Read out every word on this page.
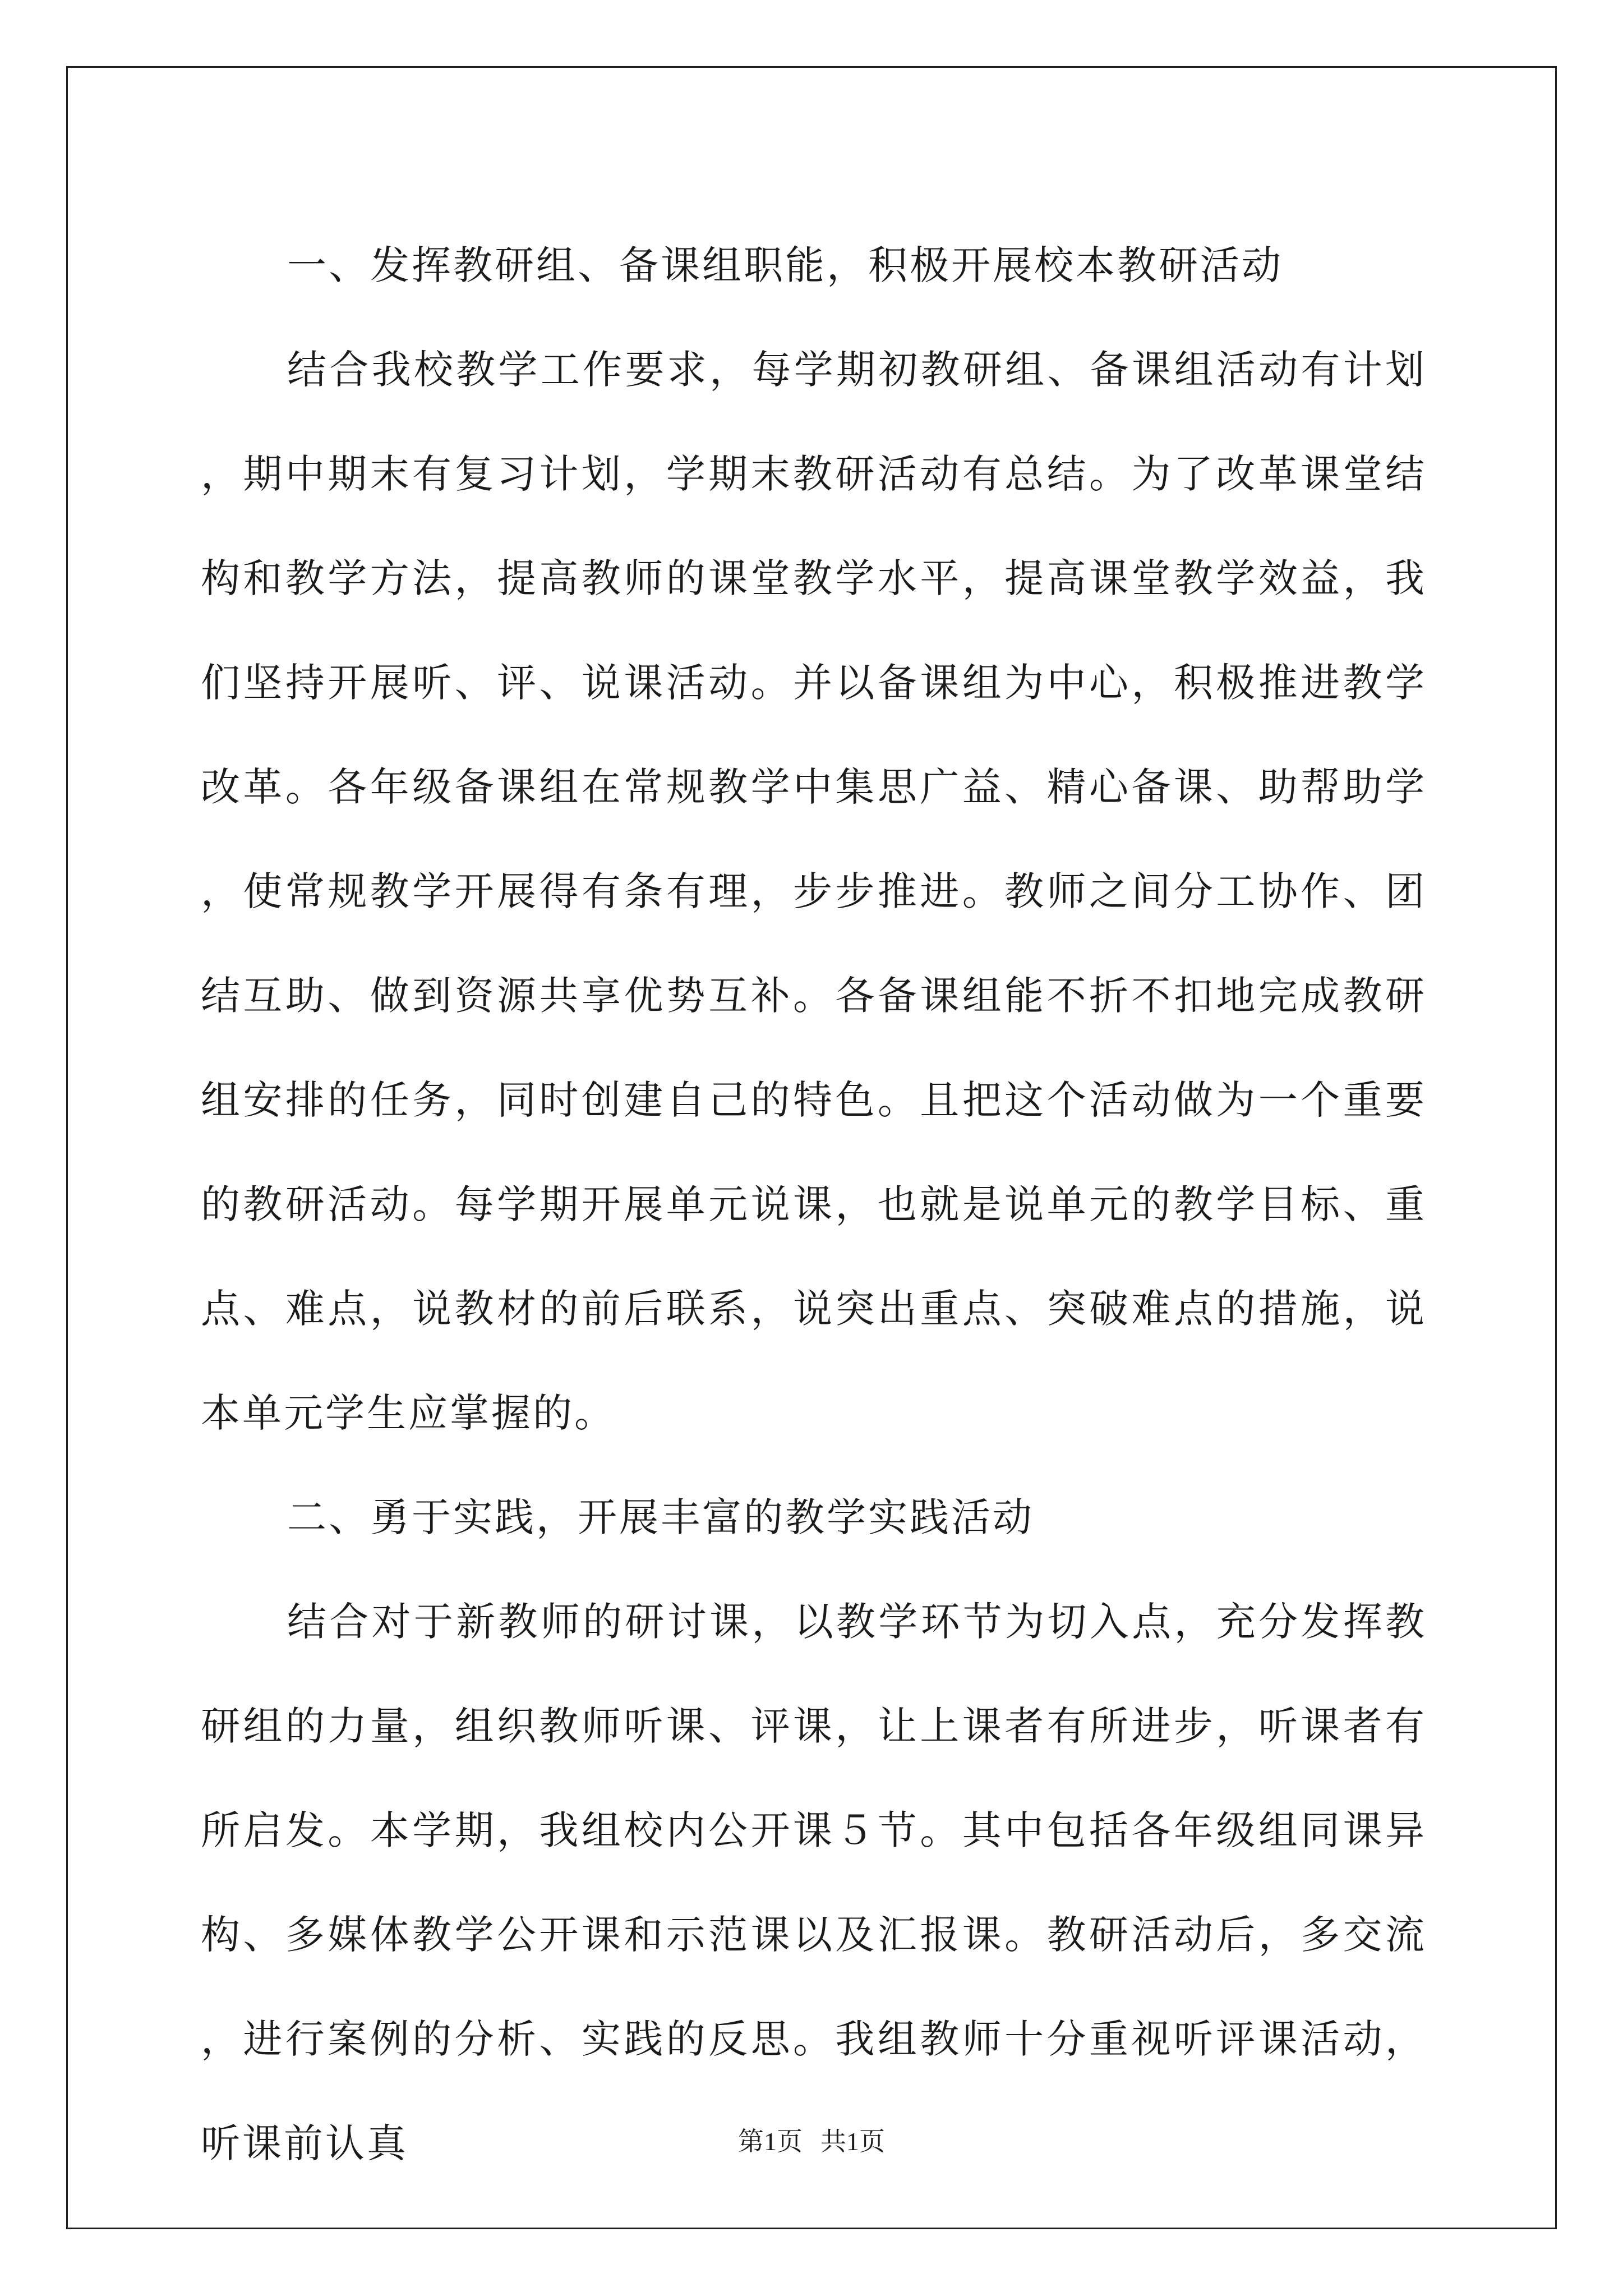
一、发挥教研组、备课组职能，积极开展校本教研活动

结合我校教学工作要求，每学期初教研组、备课组活动有计划，期中期末有复习计划，学期末教研活动有总结。为了改革课堂结构和教学方法，提高教师的课堂教学水平，提高课堂教学效益，我们坚持开展听、评、说课活动。并以备课组为中心，积极推进教学改革。各年级备课组在常规教学中集思广益、精心备课、助帮助学，使常规教学开展得有条有理，步步推进。教师之间分工协作、团结互助、做到资源共享优势互补。各备课组能不折不扣地完成教研组安排的任务，同时创建自己的特色。且把这个活动做为一个重要的教研活动。每学期开展单元说课，也就是说单元的教学目标、重点、难点，说教材的前后联系，说突出重点、突破难点的措施，说本单元学生应掌握的。

二、勇于实践，开展丰富的教学实践活动

结合对于新教师的研讨课，以教学环节为切入点，充分发挥教研组的力量，组织教师听课、评课，让上课者有所进步，听课者有所启发。本学期，我组校内公开课５节。其中包括各年级组同课异构、多媒体教学公开课和示范课以及汇报课。教研活动后，多交流，进行案例的分析、实践的反思。我组教师十分重视听评课活动，听课前认真	第1页 共1页
